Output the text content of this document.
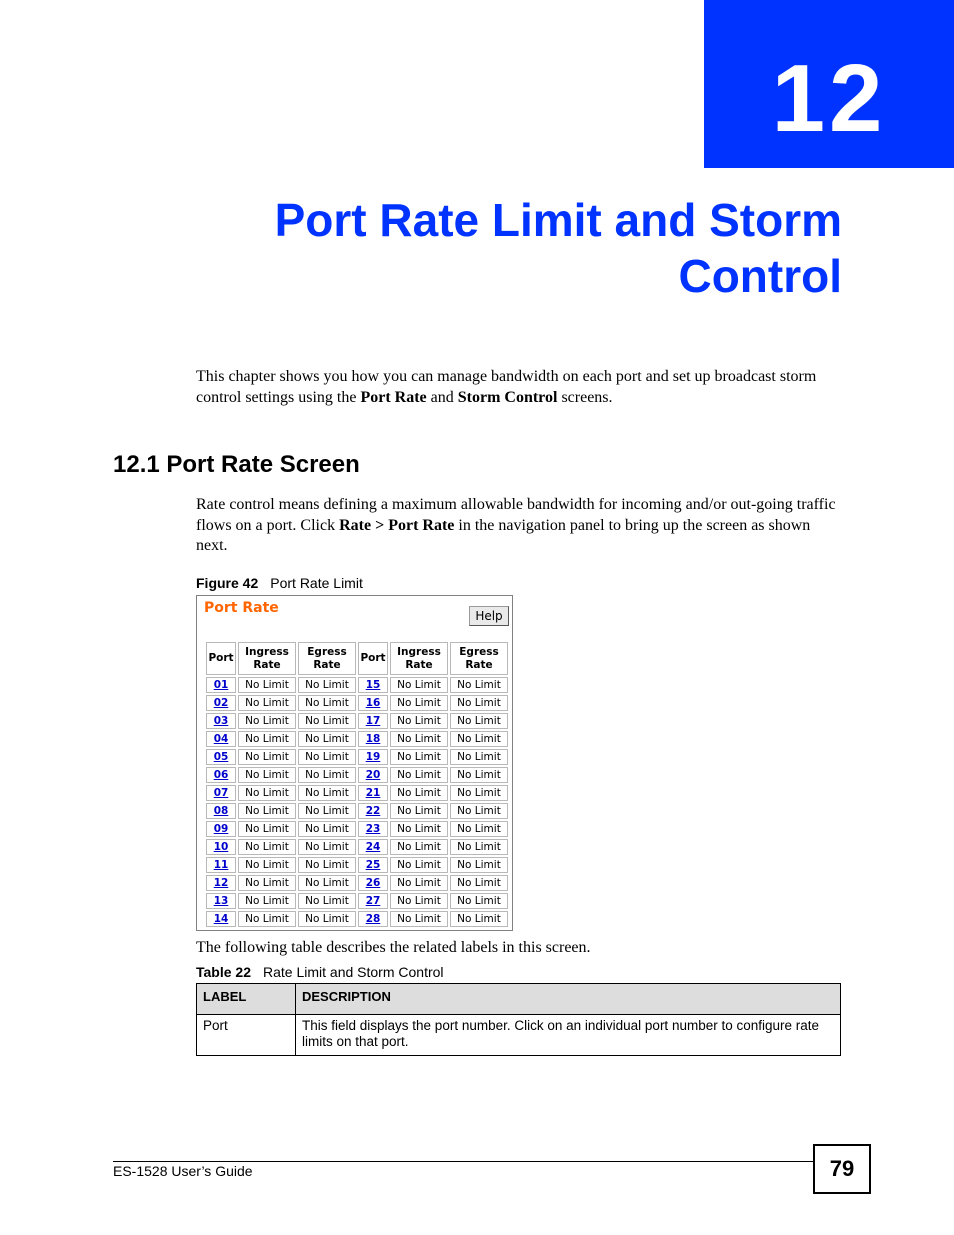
12
Port Rate Limit and Storm
Control

This chapter shows you how you can manage bandwidth on each port and set up broadcast storm control settings using the Port Rate and Storm Control screens.

12.1 Port Rate Screen

Rate control means defining a maximum allowable bandwidth for incoming and/or out-going traffic flows on a port. Click Rate > Port Rate in the navigation panel to bring up the screen as shown next.

Figure 42 Port Rate Limit
Port Rate	Help
Port	Ingress Rate	Egress Rate	Port	Ingress Rate	Egress Rate
01	No Limit	No Limit	15	No Limit	No Limit
02	No Limit	No Limit	16	No Limit	No Limit
03	No Limit	No Limit	17	No Limit	No Limit
04	No Limit	No Limit	18	No Limit	No Limit
05	No Limit	No Limit	19	No Limit	No Limit
06	No Limit	No Limit	20	No Limit	No Limit
07	No Limit	No Limit	21	No Limit	No Limit
08	No Limit	No Limit	22	No Limit	No Limit
09	No Limit	No Limit	23	No Limit	No Limit
10	No Limit	No Limit	24	No Limit	No Limit
11	No Limit	No Limit	25	No Limit	No Limit
12	No Limit	No Limit	26	No Limit	No Limit
13	No Limit	No Limit	27	No Limit	No Limit
14	No Limit	No Limit	28	No Limit	No Limit

The following table describes the related labels in this screen.

Table 22 Rate Limit and Storm Control
LABEL	DESCRIPTION
Port	This field displays the port number. Click on an individual port number to configure rate limits on that port.
ES-1528 User’s Guide	79
